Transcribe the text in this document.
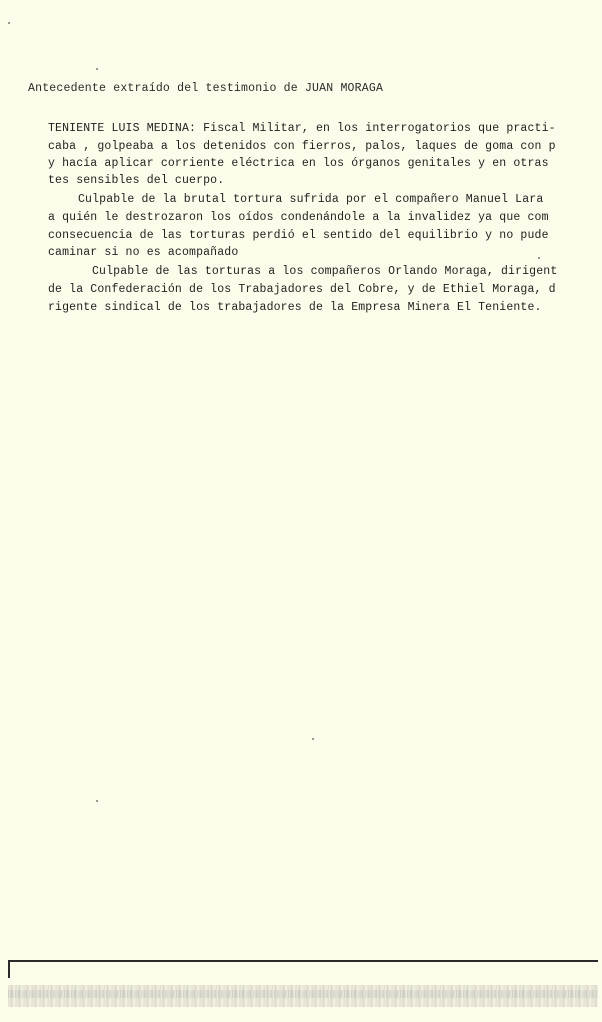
Antecedente extraído del testimonio de JUAN MORAGA
TENIENTE LUIS MEDINA: Fiscal Militar, en los interrogatorios que practi-
caba , golpeaba a los detenidos con fierros, palos, laques de goma con p
y hacía aplicar corriente eléctrica en los órganos genitales y en otras
tes sensibles del cuerpo.
Culpable de la brutal tortura sufrida por el compañero Manuel Lara
a quién le destrozaron los oídos condenándole a la invalidez ya que com
consecuencia de las torturas perdió el sentido del equilibrio y no pude
caminar si no es acompañado
Culpable de las torturas a los compañeros Orlando Moraga, dirigent
de la Confederación de los Trabajadores del Cobre, y de Ethiel Moraga, d
rigente sindical de los trabajadores de la Empresa Minera El Teniente.
